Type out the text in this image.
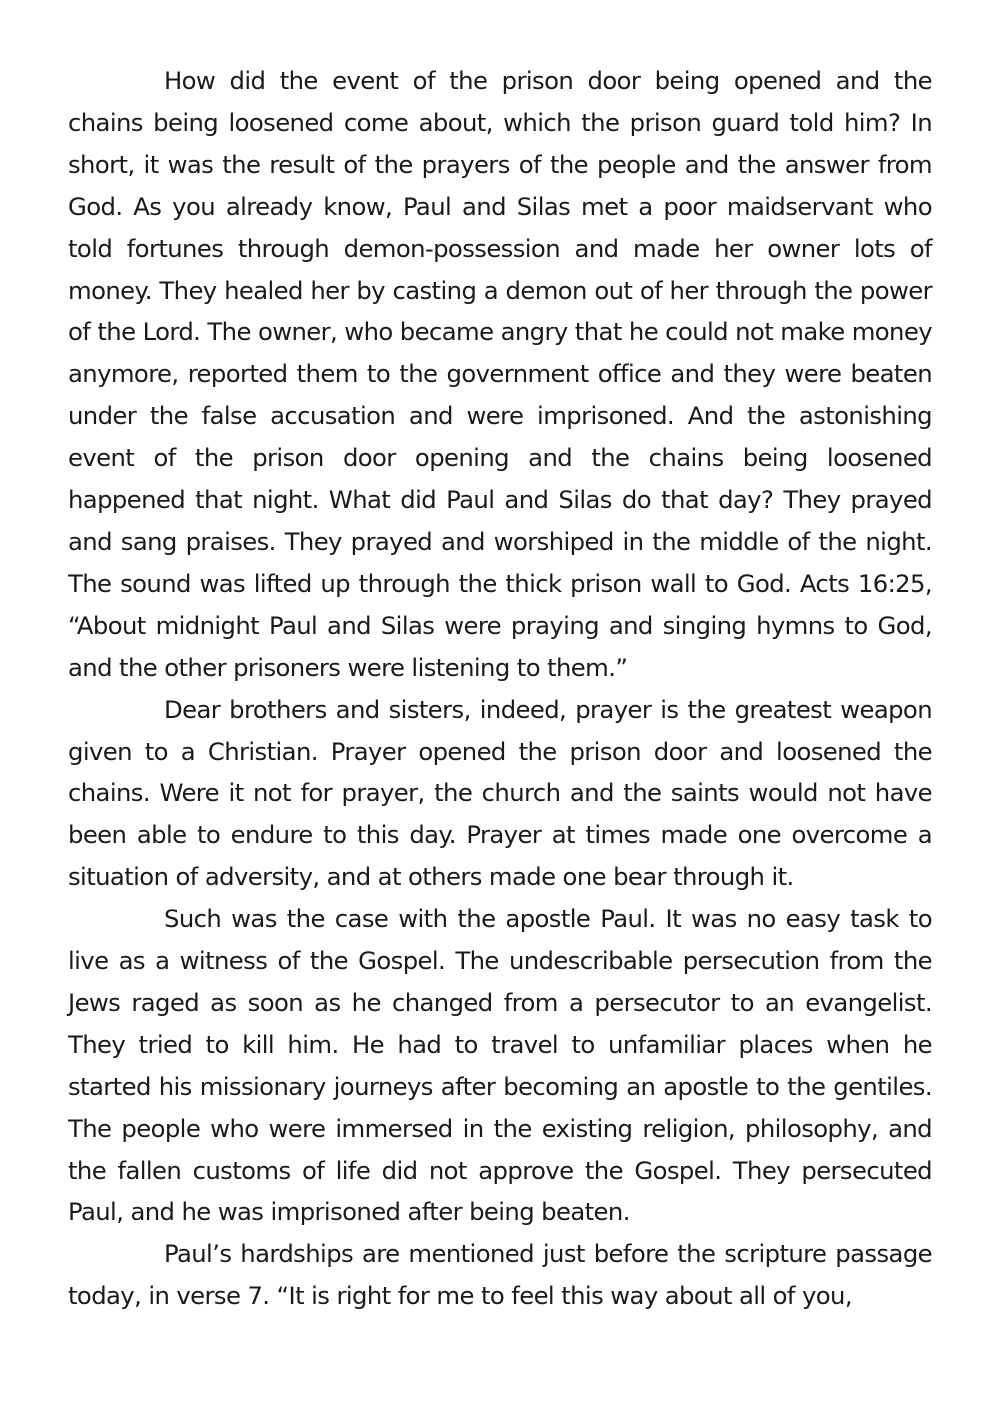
How did the event of the prison door being opened and the chains being loosened come about, which the prison guard told him? In short, it was the result of the prayers of the people and the answer from God. As you already know, Paul and Silas met a poor maidservant who told fortunes through demon-possession and made her owner lots of money. They healed her by casting a demon out of her through the power of the Lord. The owner, who became angry that he could not make money anymore, reported them to the government office and they were beaten under the false accusation and were imprisoned. And the astonishing event of the prison door opening and the chains being loosened happened that night. What did Paul and Silas do that day? They prayed and sang praises. They prayed and worshiped in the middle of the night. The sound was lifted up through the thick prison wall to God. Acts 16:25, “About midnight Paul and Silas were praying and singing hymns to God, and the other prisoners were listening to them.”

Dear brothers and sisters, indeed, prayer is the greatest weapon given to a Christian. Prayer opened the prison door and loosened the chains. Were it not for prayer, the church and the saints would not have been able to endure to this day. Prayer at times made one overcome a situation of adversity, and at others made one bear through it.

Such was the case with the apostle Paul. It was no easy task to live as a witness of the Gospel. The undescribable persecution from the Jews raged as soon as he changed from a persecutor to an evangelist. They tried to kill him. He had to travel to unfamiliar places when he started his missionary journeys after becoming an apostle to the gentiles. The people who were immersed in the existing religion, philosophy, and the fallen customs of life did not approve the Gospel. They persecuted Paul, and he was imprisoned after being beaten.

Paul’s hardships are mentioned just before the scripture passage today, in verse 7. “It is right for me to feel this way about all of you,
